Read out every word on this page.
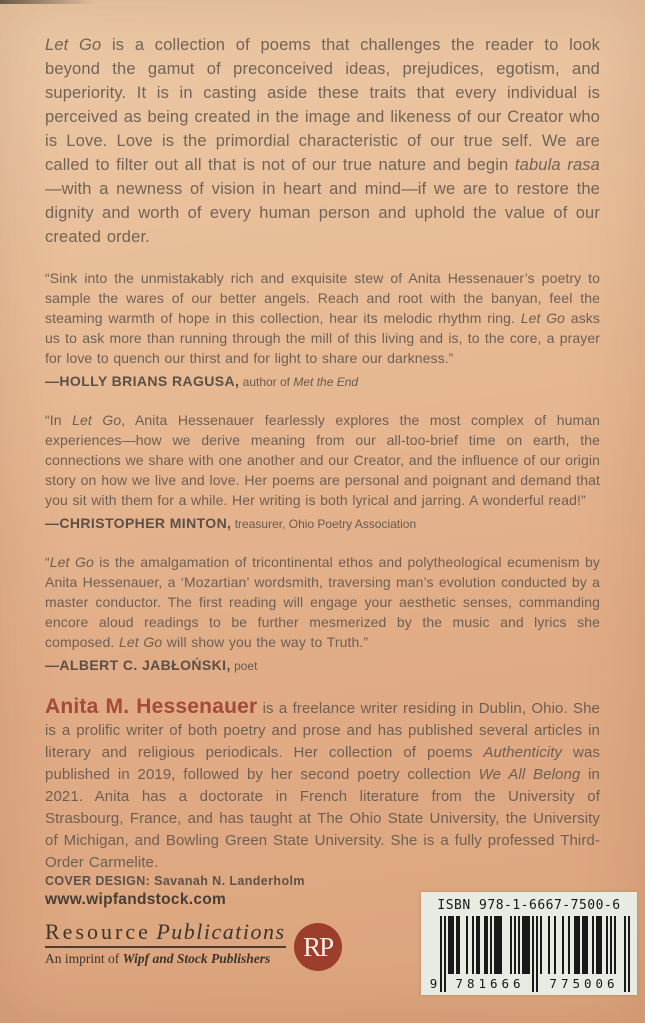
Let Go is a collection of poems that challenges the reader to look beyond the gamut of preconceived ideas, prejudices, egotism, and superiority. It is in casting aside these traits that every individual is perceived as being created in the image and likeness of our Creator who is Love. Love is the primordial characteristic of our true self. We are called to filter out all that is not of our true nature and begin tabula rasa—with a newness of vision in heart and mind—if we are to restore the dignity and worth of every human person and uphold the value of our created order.

“Sink into the unmistakably rich and exquisite stew of Anita Hessenauer’s poetry to sample the wares of our better angels. Reach and root with the banyan, feel the steaming warmth of hope in this collection, hear its melodic rhythm ring. Let Go asks us to ask more than running through the mill of this living and is, to the core, a prayer for love to quench our thirst and for light to share our darkness.”

—HOLLY BRIANS RAGUSA, author of Met the End

“In Let Go, Anita Hessenauer fearlessly explores the most complex of human experiences—how we derive meaning from our all-too-brief time on earth, the connections we share with one another and our Creator, and the influence of our origin story on how we live and love. Her poems are personal and poignant and demand that you sit with them for a while. Her writing is both lyrical and jarring. A wonderful read!”

—CHRISTOPHER MINTON, treasurer, Ohio Poetry Association

“Let Go is the amalgamation of tricontinental ethos and polytheological ecumenism by Anita Hessenauer, a ‘Mozartian’ wordsmith, traversing man’s evolution conducted by a master conductor. The first reading will engage your aesthetic senses, commanding encore aloud readings to be further mesmerized by the music and lyrics she composed. Let Go will show you the way to Truth.”

—ALBERT C. JABŁOŃSKI, poet

Anita M. Hessenauer is a freelance writer residing in Dublin, Ohio. She is a prolific writer of both poetry and prose and has published several articles in literary and religious periodicals. Her collection of poems Authenticity was published in 2019, followed by her second poetry collection We All Belong in 2021. Anita has a doctorate in French literature from the University of Strasbourg, France, and has taught at The Ohio State University, the University of Michigan, and Bowling Green State University. She is a fully professed Third-Order Carmelite.

COVER DESIGN: Savanah N. Landerholm
www.wipfandstock.com
Resource Publications
An imprint of Wipf and Stock Publishers	RP
ISBN 978-1-6667-7500-6
9	781666	775006
